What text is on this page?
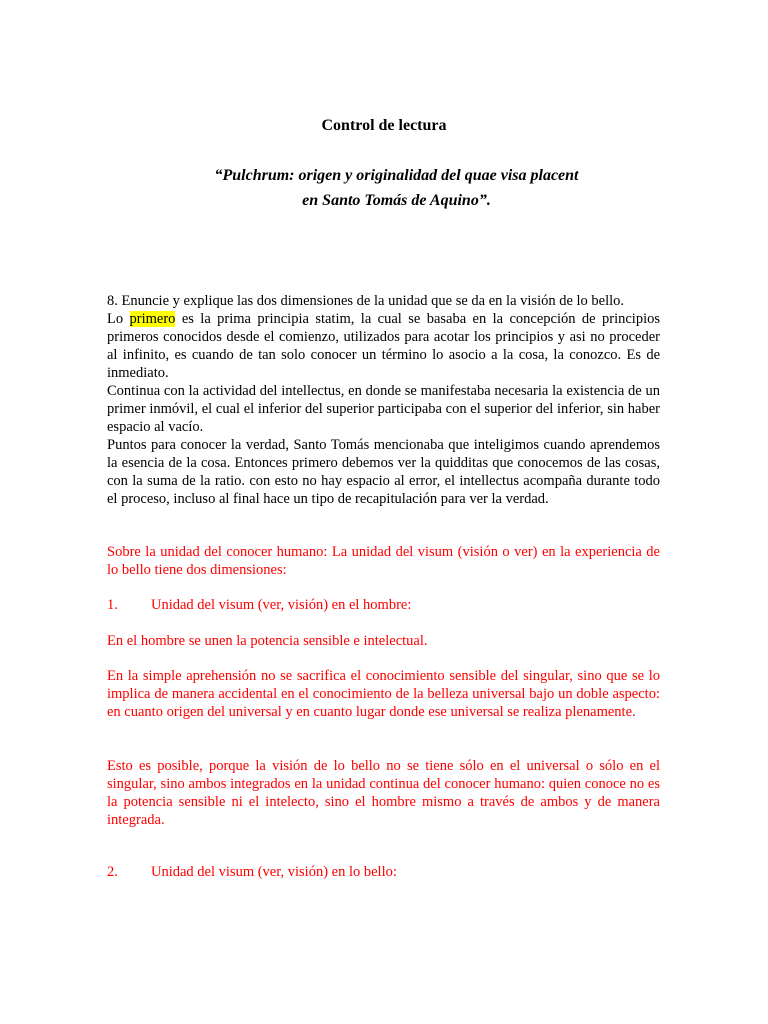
Control de lectura
“Pulchrum: origen y originalidad del quae visa placent
en Santo Tomás de Aquino”.

8. Enuncie y explique las dos dimensiones de la unidad que se da en la visión de lo bello.

Lo primero es la prima principia statim, la cual se basaba en la concepción de principios primeros conocidos desde el comienzo, utilizados para acotar los principios y asi no proceder al infinito, es cuando de tan solo conocer un término lo asocio a la cosa, la conozco. Es de inmediato.

Continua con la actividad del intellectus, en donde se manifestaba necesaria la existencia de un primer inmóvil, el cual el inferior del superior participaba con el superior del inferior, sin haber espacio al vacío.

Puntos para conocer la verdad, Santo Tomás mencionaba que inteligimos cuando aprendemos la esencia de la cosa. Entonces primero debemos ver la quidditas que conocemos de las cosas, con la suma de la ratio. con esto no hay espacio al error, el intellectus acompaña durante todo el proceso, incluso al final hace un tipo de recapitulación para ver la verdad.

Sobre la unidad del conocer humano: La unidad del visum (visión o ver) en la experiencia de lo bello tiene dos dimensiones:

1. Unidad del visum (ver, visión) en el hombre:

En el hombre se unen la potencia sensible e intelectual.

En la simple aprehensión no se sacrifica el conocimiento sensible del singular, sino que se lo implica de manera accidental en el conocimiento de la belleza universal bajo un doble aspecto: en cuanto origen del universal y en cuanto lugar donde ese universal se realiza plenamente.

Esto es posible, porque la visión de lo bello no se tiene sólo en el universal o sólo en el singular, sino ambos integrados en la unidad continua del conocer humano: quien conoce no es la potencia sensible ni el intelecto, sino el hombre mismo a través de ambos y de manera integrada.

2. Unidad del visum (ver, visión) en lo bello:
